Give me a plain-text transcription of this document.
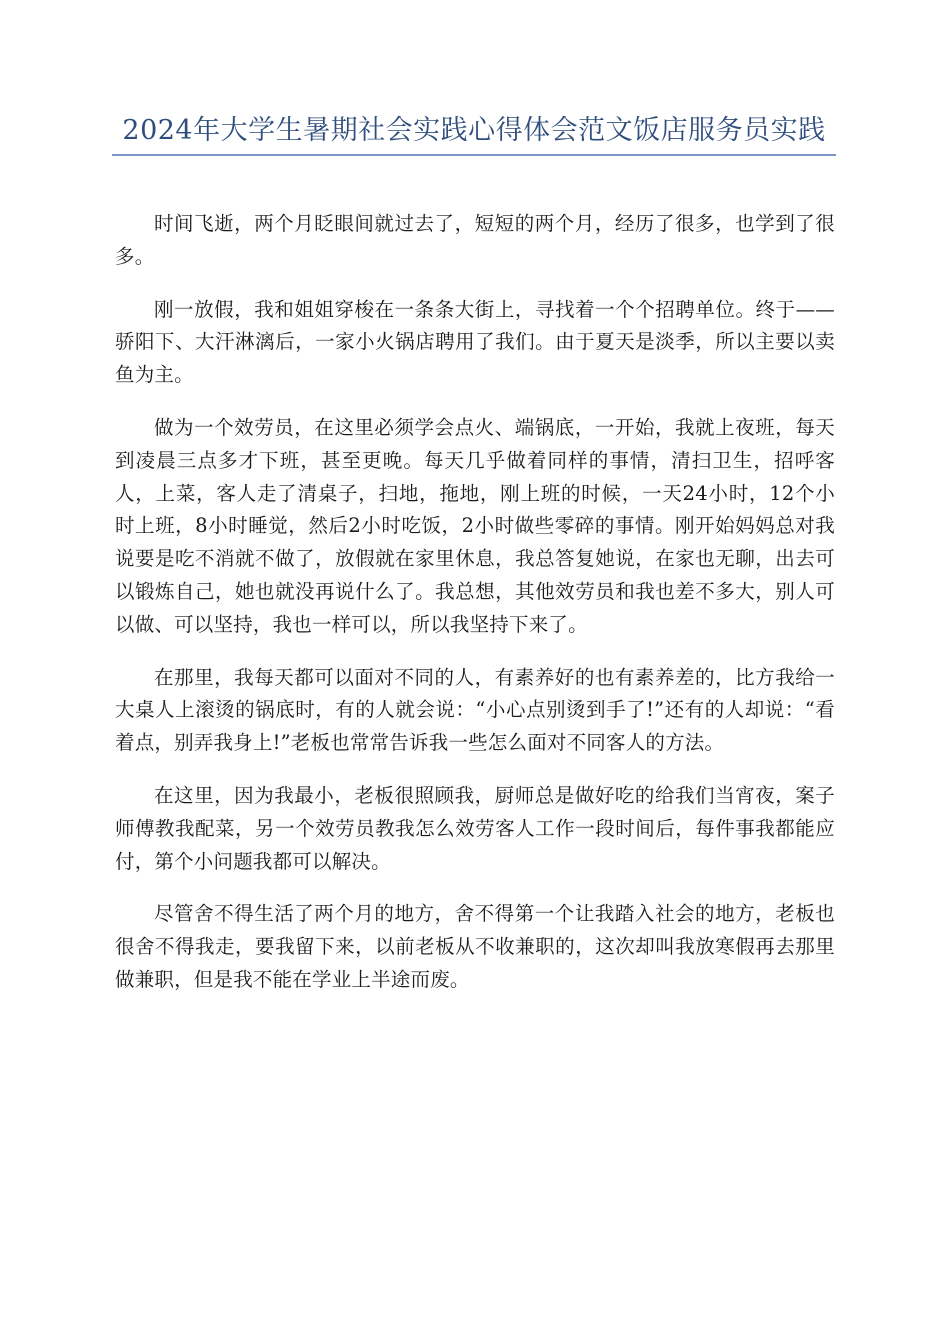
2024年大学生暑期社会实践心得体会范文饭店服务员实践

时间飞逝，两个月眨眼间就过去了，短短的两个月，经历了很多，也学到了很多。

刚一放假，我和姐姐穿梭在一条条大街上，寻找着一个个招聘单位。终于——骄阳下、大汗淋漓后，一家小火锅店聘用了我们。由于夏天是淡季，所以主要以卖鱼为主。

做为一个效劳员，在这里必须学会点火、端锅底，一开始，我就上夜班，每天到凌晨三点多才下班，甚至更晚。每天几乎做着同样的事情，清扫卫生，招呼客人，上菜，客人走了清桌子，扫地，拖地，刚上班的时候，一天24小时，12个小时上班，8小时睡觉，然后2小时吃饭，2小时做些零碎的事情。刚开始妈妈总对我说要是吃不消就不做了，放假就在家里休息，我总答复她说，在家也无聊，出去可以锻炼自己，她也就没再说什么了。我总想，其他效劳员和我也差不多大，别人可以做、可以坚持，我也一样可以，所以我坚持下来了。

在那里，我每天都可以面对不同的人，有素养好的也有素养差的，比方我给一大桌人上滚烫的锅底时，有的人就会说：“小心点别烫到手了!”还有的人却说：“看着点，别弄我身上!”老板也常常告诉我一些怎么面对不同客人的方法。

在这里，因为我最小，老板很照顾我，厨师总是做好吃的给我们当宵夜，案子师傅教我配菜，另一个效劳员教我怎么效劳客人工作一段时间后，每件事我都能应付，第个小问题我都可以解决。

尽管舍不得生活了两个月的地方，舍不得第一个让我踏入社会的地方，老板也很舍不得我走，要我留下来，以前老板从不收兼职的，这次却叫我放寒假再去那里做兼职，但是我不能在学业上半途而废。
